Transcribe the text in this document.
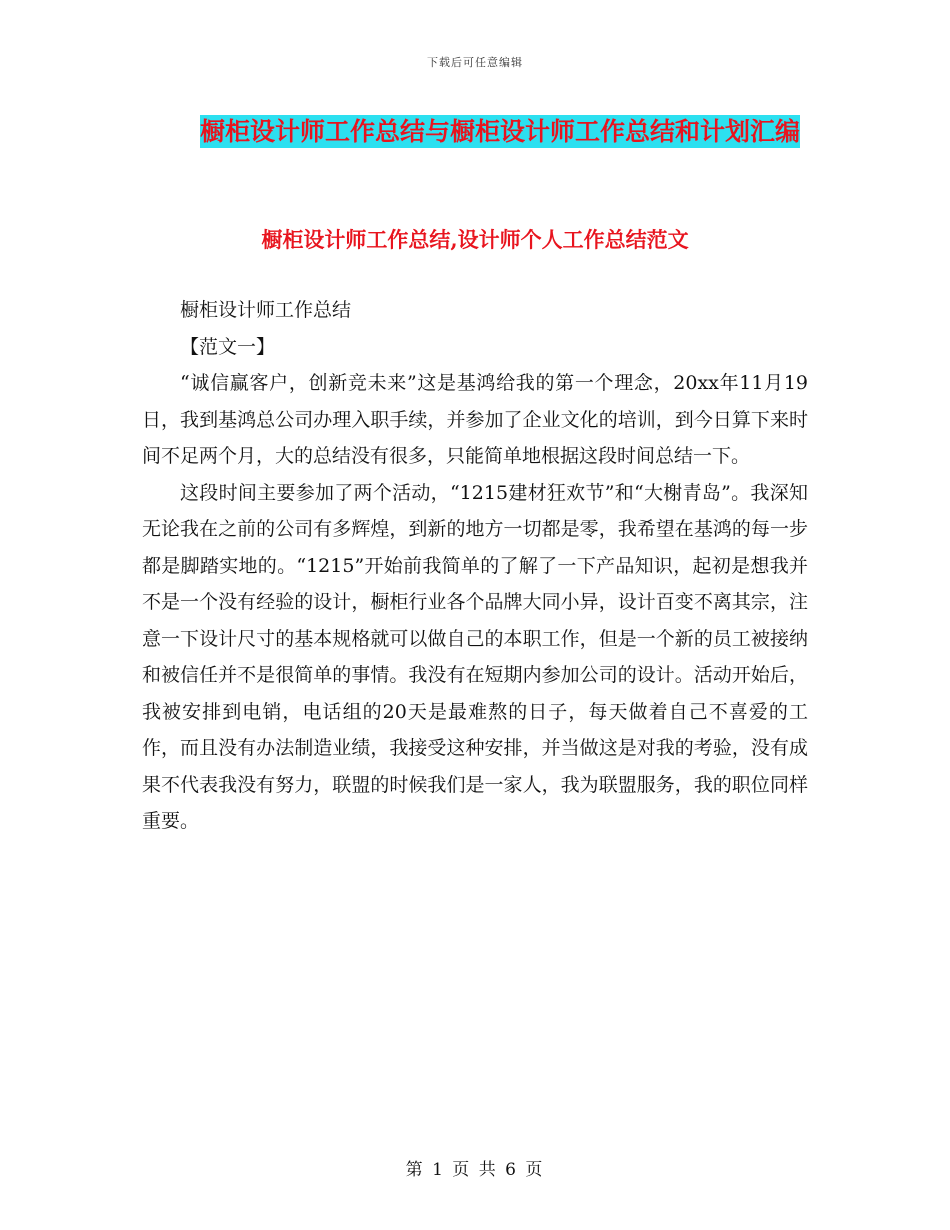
下载后可任意编辑
橱柜设计师工作总结与橱柜设计师工作总结和计划汇编
橱柜设计师工作总结,设计师个人工作总结范文

橱柜设计师工作总结

【范文一】

“诚信赢客户，创新竞未来”这是基鸿给我的第一个理念，20xx年11月19日，我到基鸿总公司办理入职手续，并参加了企业文化的培训，到今日算下来时间不足两个月，大的总结没有很多，只能简单地根据这段时间总结一下。

这段时间主要参加了两个活动，“1215建材狂欢节”和“大榭青岛”。我深知无论我在之前的公司有多辉煌，到新的地方一切都是零，我希望在基鸿的每一步都是脚踏实地的。“1215”开始前我简单的了解了一下产品知识，起初是想我并不是一个没有经验的设计，橱柜行业各个品牌大同小异，设计百变不离其宗，注意一下设计尺寸的基本规格就可以做自己的本职工作，但是一个新的员工被接纳和被信任并不是很简单的事情。我没有在短期内参加公司的设计。活动开始后，我被安排到电销，电话组的20天是最难熬的日子，每天做着自己不喜爱的工作，而且没有办法制造业绩，我接受这种安排，并当做这是对我的考验，没有成果不代表我没有努力，联盟的时候我们是一家人，我为联盟服务，我的职位同样重要。

第 1 页 共 6 页
